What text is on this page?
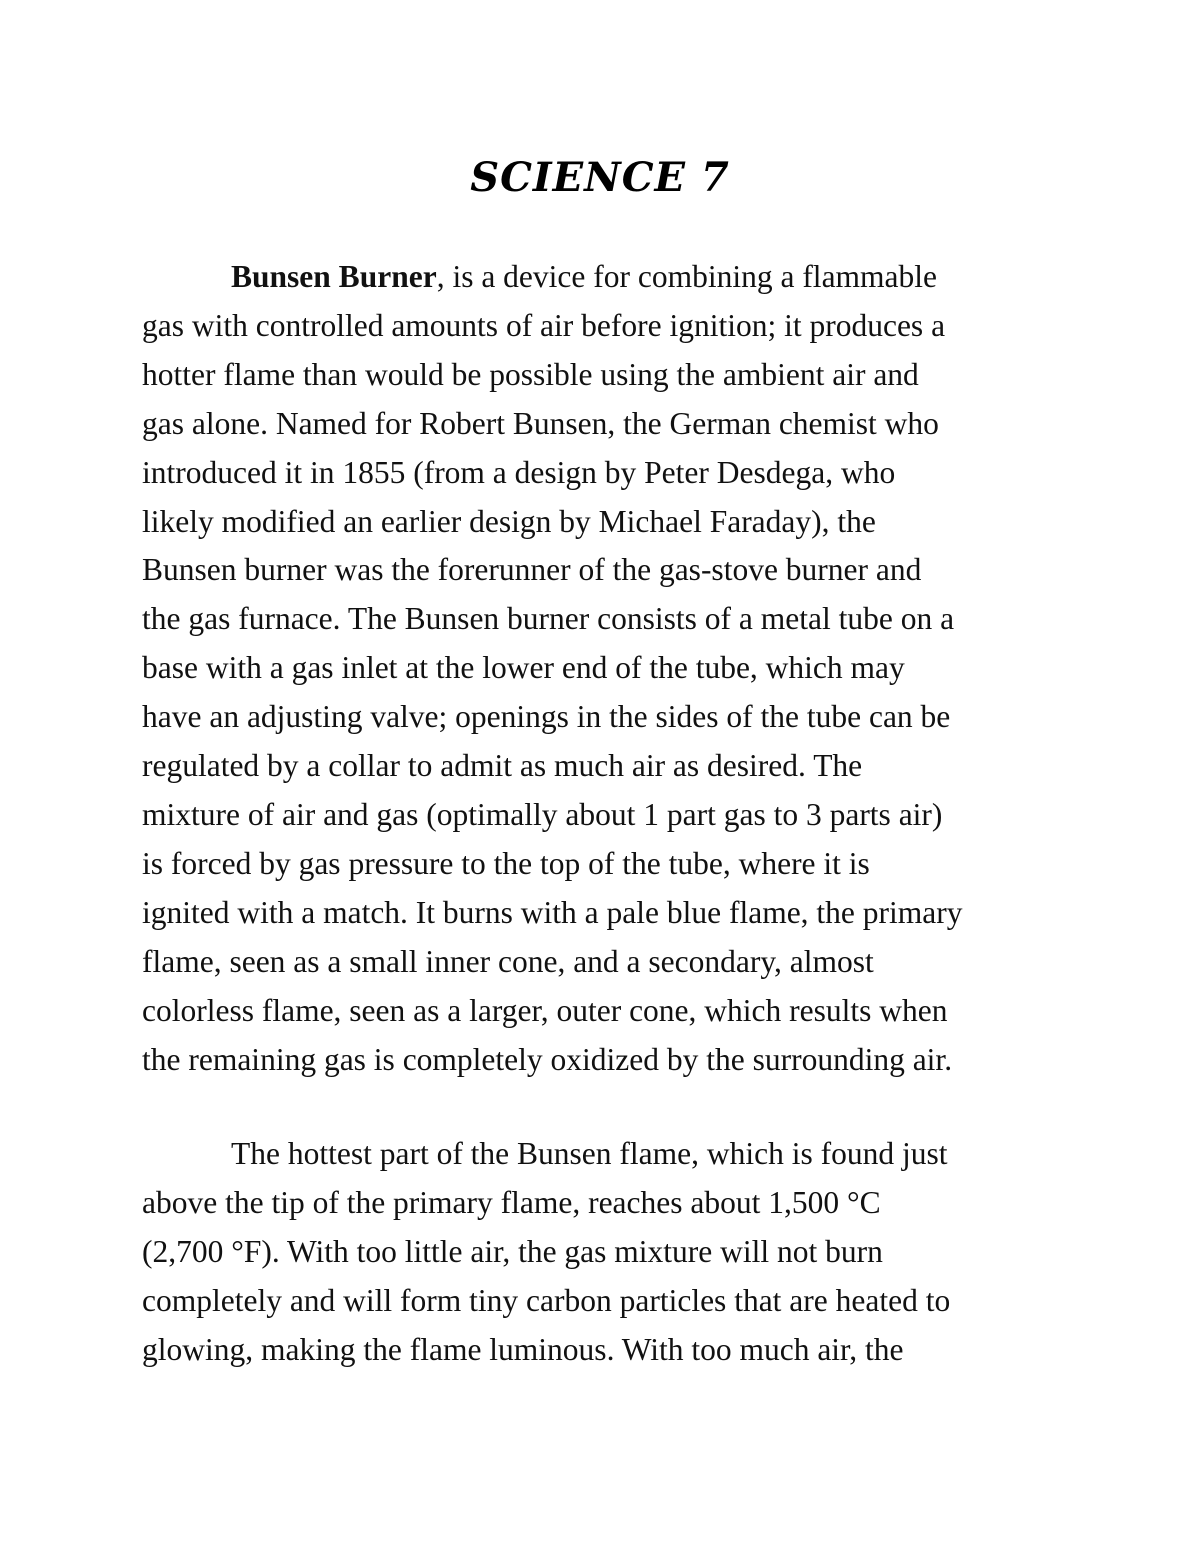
SCIENCE 7
Bunsen Burner, is a device for combining a flammable
gas with controlled amounts of air before ignition; it produces a
hotter flame than would be possible using the ambient air and
gas alone. Named for Robert Bunsen, the German chemist who
introduced it in 1855 (from a design by Peter Desdega, who
likely modified an earlier design by Michael Faraday), the
Bunsen burner was the forerunner of the gas-stove burner and
the gas furnace. The Bunsen burner consists of a metal tube on a
base with a gas inlet at the lower end of the tube, which may
have an adjusting valve; openings in the sides of the tube can be
regulated by a collar to admit as much air as desired. The
mixture of air and gas (optimally about 1 part gas to 3 parts air)
is forced by gas pressure to the top of the tube, where it is
ignited with a match. It burns with a pale blue flame, the primary
flame, seen as a small inner cone, and a secondary, almost
colorless flame, seen as a larger, outer cone, which results when
the remaining gas is completely oxidized by the surrounding air.
The hottest part of the Bunsen flame, which is found just
above the tip of the primary flame, reaches about 1,500 °C
(2,700 °F). With too little air, the gas mixture will not burn
completely and will form tiny carbon particles that are heated to
glowing, making the flame luminous. With too much air, the
